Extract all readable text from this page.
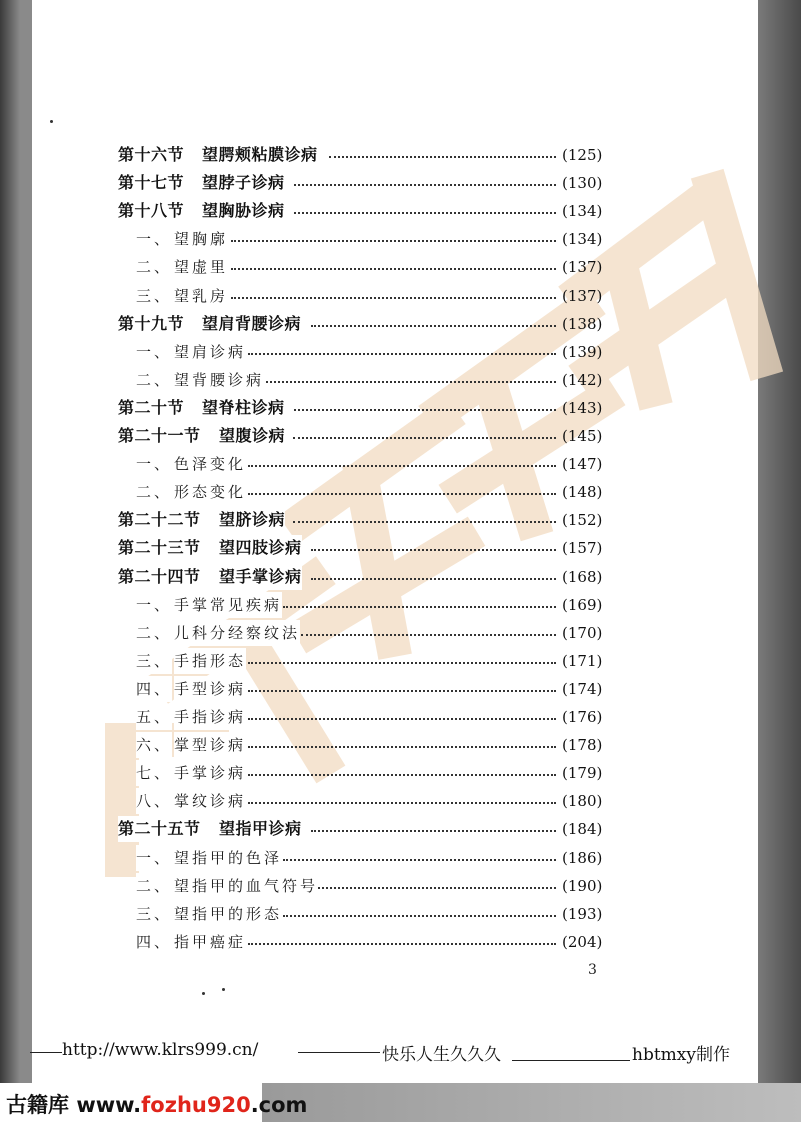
第十六节 望腭颊粘膜诊病	(125)
第十七节 望脖子诊病	(130)
第十八节 望胸胁诊病	(134)
一、 望胸廓	(134)
二、 望虚里	(137)
三、 望乳房	(137)
第十九节 望肩背腰诊病	(138)
一、 望肩诊病	(139)
二、 望背腰诊病	(142)
第二十节 望脊柱诊病	(143)
第二十一节 望腹诊病	(145)
一、 色泽变化	(147)
二、 形态变化	(148)
第二十二节 望脐诊病	(152)
第二十三节 望四肢诊病	(157)
第二十四节 望手掌诊病	(168)
一、 手掌常见疾病	(169)
二、 儿科分经察纹法	(170)
三、 手指形态	(171)
四、 手型诊病	(174)
五、 手指诊病	(176)
六、 掌型诊病	(178)
七、 手掌诊病	(179)
八、 掌纹诊病	(180)
第二十五节 望指甲诊病	(184)
一、 望指甲的色泽	(186)
二、 望指甲的血气符号	(190)
三、 望指甲的形态	(193)
四、 指甲癌症	(204)
3
http://www.klrs999.cn/	快乐人生久久久	hbtmxy制作
古籍库 www.fozhu920.com
